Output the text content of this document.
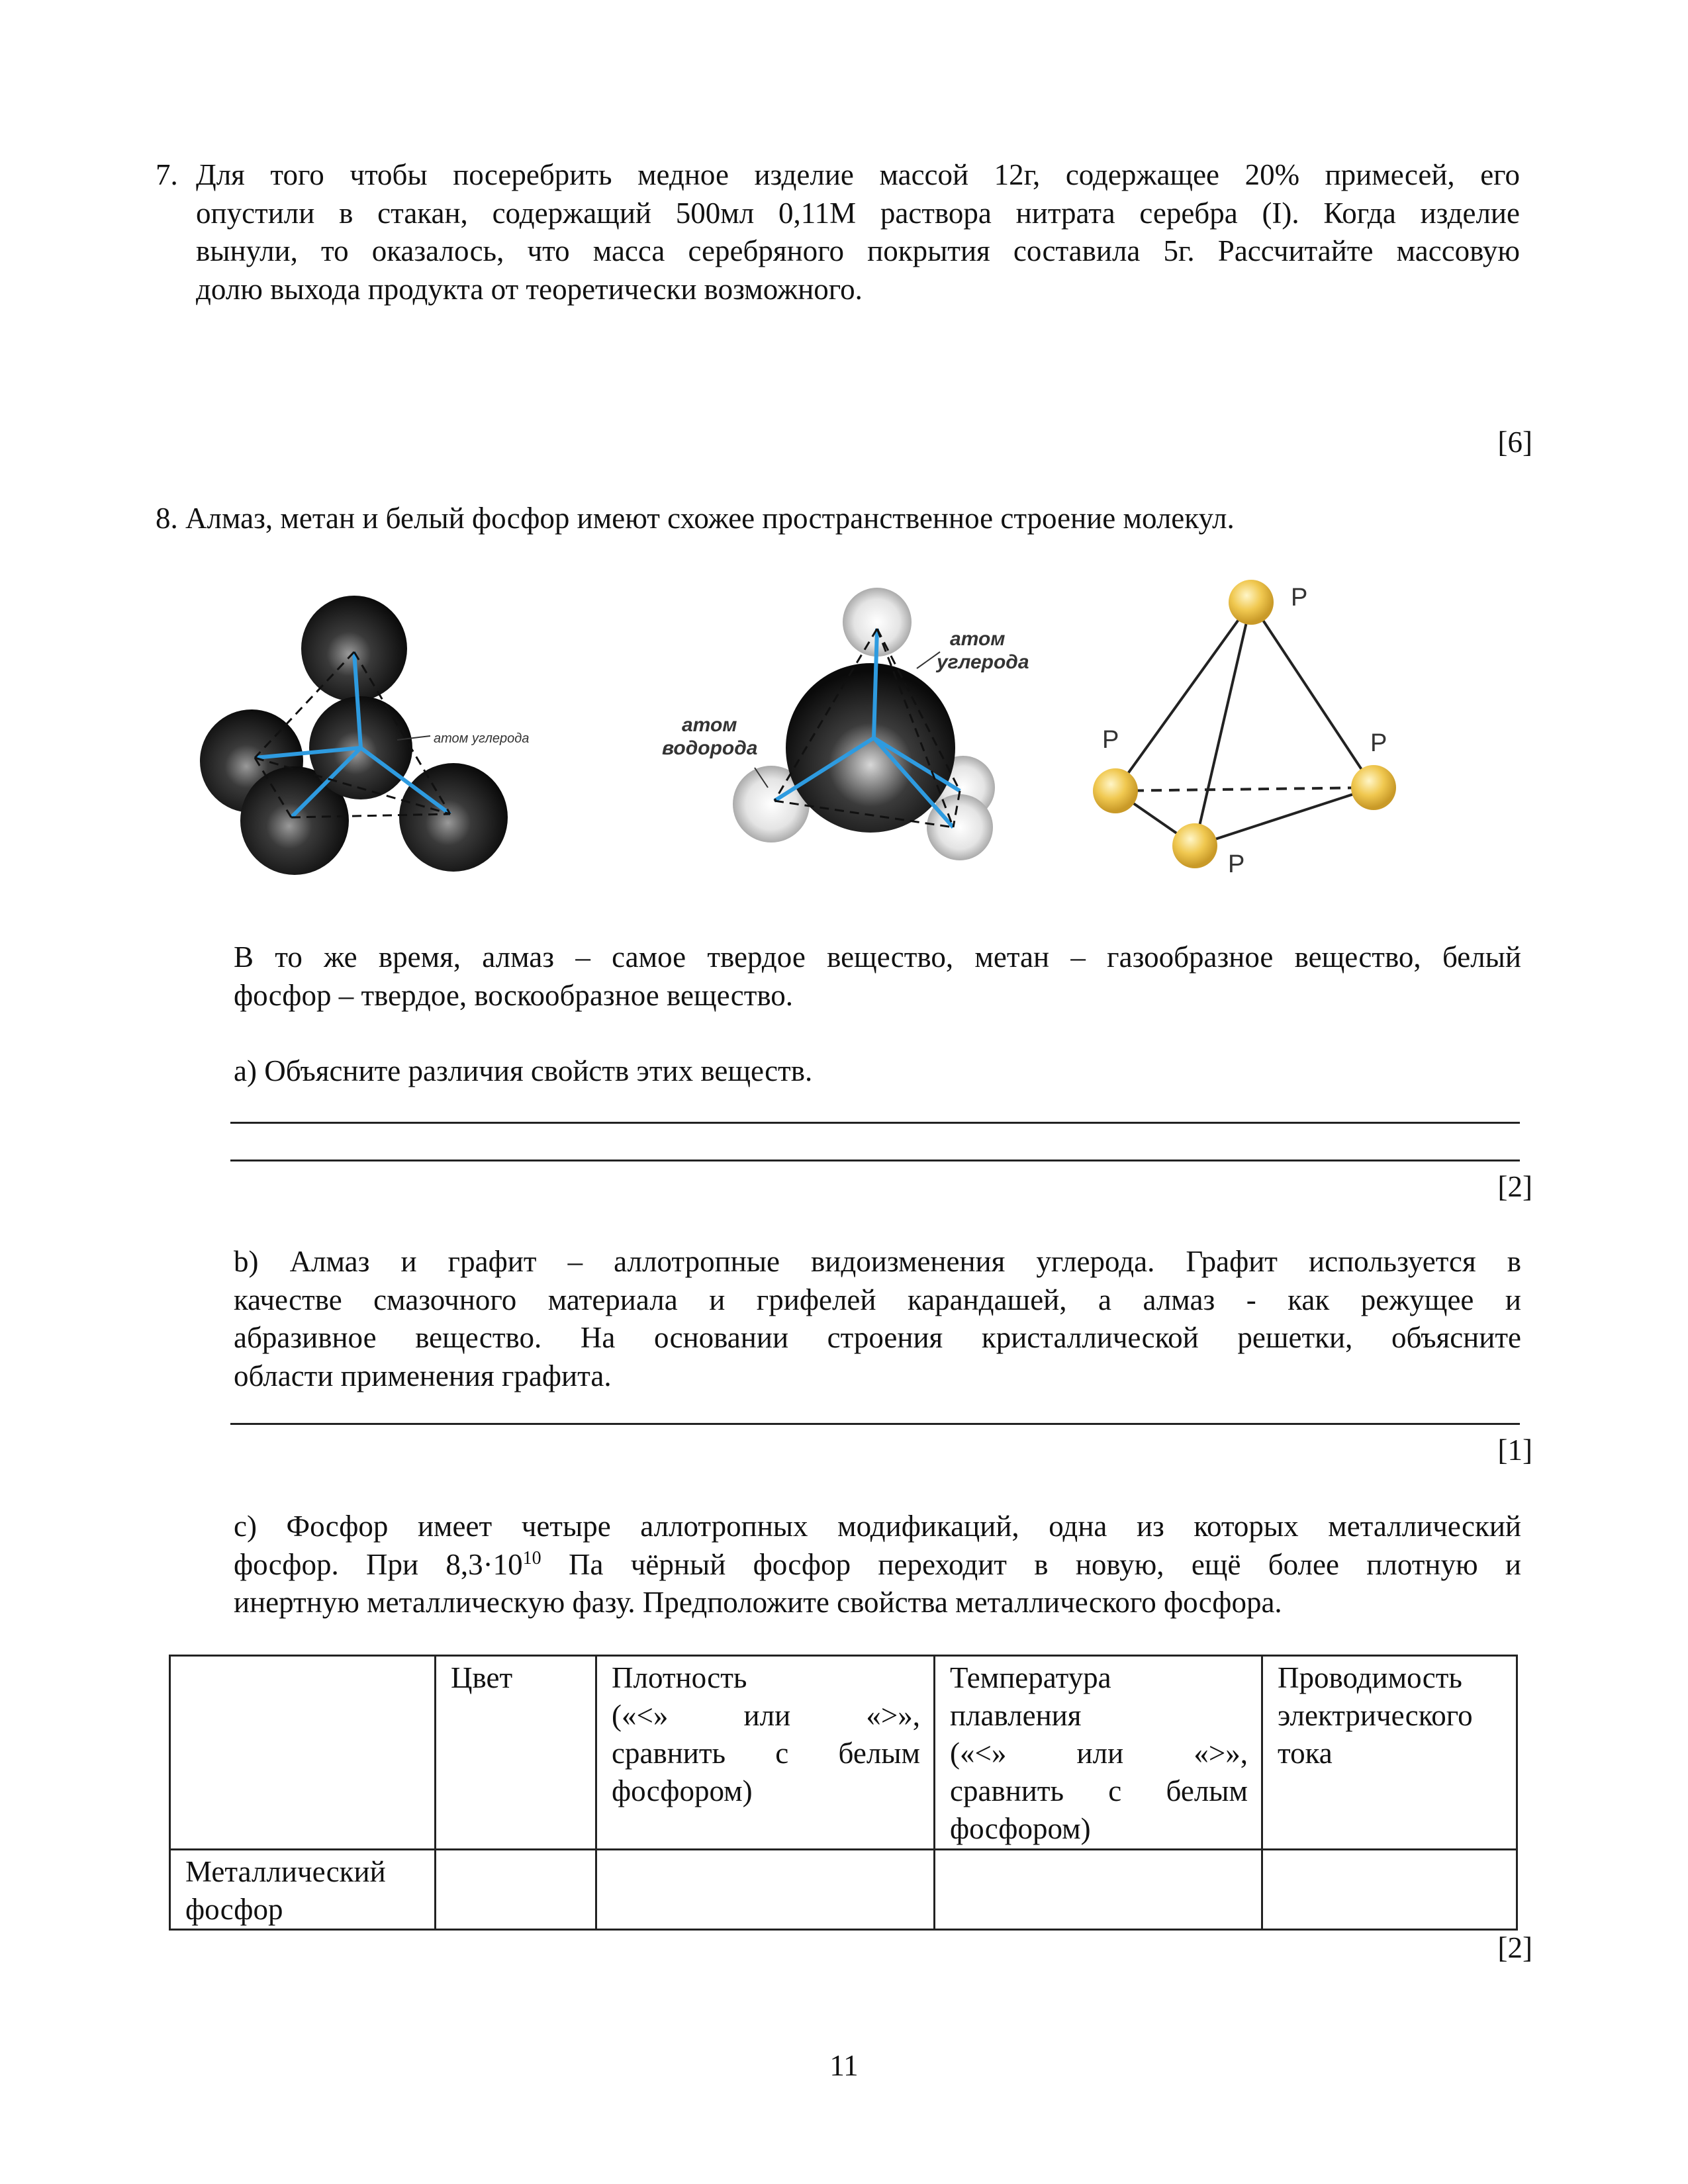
7. Для того чтобы посеребрить медное изделие массой 12г, содержащее 20% примесей, его
опустили в стакан, содержащий 500мл 0,11М раствора нитрата серебра (I). Когда изделие
вынули, то оказалось, что масса серебряного покрытия составила 5г. Рассчитайте массовую
долю выхода продукта от теоретически возможного.
[6]
8. Алмаз, метан и белый фосфор имеют схожее пространственное строение молекул.
атом углерода
атом
углерода
атом
водорода
P
P	P
P
В то же время, алмаз – самое твердое вещество, метан – газообразное вещество, белый
фосфор – твердое, воскообразное вещество.
a) Объясните различия свойств этих веществ.
[2]
b) Алмаз и графит – аллотропные видоизменения углерода. Графит используется в
качестве смазочного материала и грифелей карандашей, а алмаз - как режущее и
абразивное вещество. На основании строения кристаллической решетки, объясните
области применения графита.
[1]
c) Фосфор имеет четыре аллотропных модификаций, одна из которых металлический
фосфор. При $8,3\cdot 10^{10}$ Па чёрный фосфор переходит в новую, ещё более плотную и
инертную металлическую фазу. Предположите свойства металлического фосфора.
	Цвет	Плотность
(«<» или «>»,
сравнить с белым
фосфором)	Температура
плавления
(«<» или «>»,
сравнить с белым
фосфором)	Проводимость
электрического
тока

Металлический
фосфор				

[2]
11
